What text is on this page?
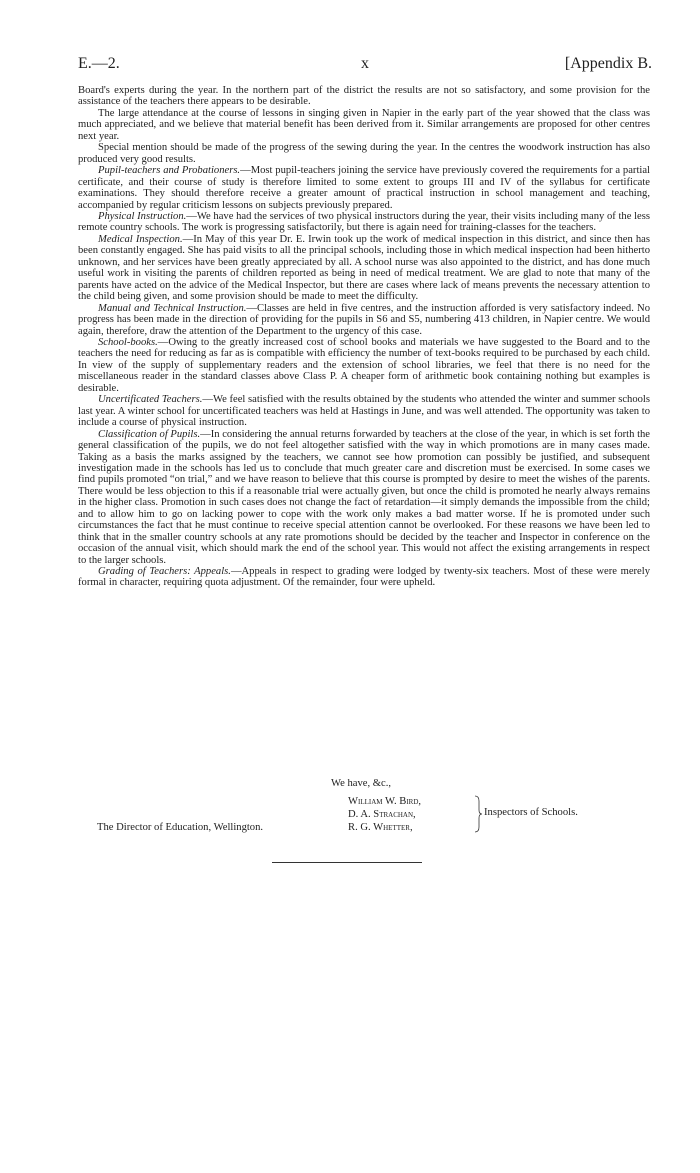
E.—2.	x	[Appendix B.

Board's experts during the year. In the northern part of the district the results are not so satisfactory, and some provision for the assistance of the teachers there appears to be desirable.

The large attendance at the course of lessons in singing given in Napier in the early part of the year showed that the class was much appreciated, and we believe that material benefit has been derived from it. Similar arrangements are proposed for other centres next year.

Special mention should be made of the progress of the sewing during the year. In the centres the woodwork instruction has also produced very good results.

Pupil-teachers and Probationers.—Most pupil-teachers joining the service have previously covered the requirements for a partial certificate, and their course of study is therefore limited to some extent to groups III and IV of the syllabus for certificate examinations. They should therefore receive a greater amount of practical instruction in school management and teaching, accompanied by regular criticism lessons on subjects previously prepared.

Physical Instruction.—We have had the services of two physical instructors during the year, their visits including many of the less remote country schools. The work is progressing satisfactorily, but there is again need for training-classes for the teachers.

Medical Inspection.—In May of this year Dr. E. Irwin took up the work of medical inspection in this district, and since then has been constantly engaged. She has paid visits to all the principal schools, including those in which medical inspection had been hitherto unknown, and her services have been greatly appreciated by all. A school nurse was also appointed to the district, and has done much useful work in visiting the parents of children reported as being in need of medical treatment. We are glad to note that many of the parents have acted on the advice of the Medical Inspector, but there are cases where lack of means prevents the necessary attention to the child being given, and some provision should be made to meet the difficulty.

Manual and Technical Instruction.—Classes are held in five centres, and the instruction afforded is very satisfactory indeed. No progress has been made in the direction of providing for the pupils in S6 and S5, numbering 413 children, in Napier centre. We would again, therefore, draw the attention of the Department to the urgency of this case.

School-books.—Owing to the greatly increased cost of school books and materials we have suggested to the Board and to the teachers the need for reducing as far as is compatible with efficiency the number of text-books required to be purchased by each child. In view of the supply of supplementary readers and the extension of school libraries, we feel that there is no need for the miscellaneous reader in the standard classes above Class P. A cheaper form of arithmetic book containing nothing but examples is desirable.

Uncertificated Teachers.—We feel satisfied with the results obtained by the students who attended the winter and summer schools last year. A winter school for uncertificated teachers was held at Hastings in June, and was well attended. The opportunity was taken to include a course of physical instruction.

Classification of Pupils.—In considering the annual returns forwarded by teachers at the close of the year, in which is set forth the general classification of the pupils, we do not feel altogether satisfied with the way in which promotions are in many cases made. Taking as a basis the marks assigned by the teachers, we cannot see how promotion can possibly be justified, and subsequent investigation made in the schools has led us to conclude that much greater care and discretion must be exercised. In some cases we find pupils promoted “on trial,” and we have reason to believe that this course is prompted by desire to meet the wishes of the parents. There would be less objection to this if a reasonable trial were actually given, but once the child is promoted he nearly always remains in the higher class. Promotion in such cases does not change the fact of retardation—it simply demands the impossible from the child; and to allow him to go on lacking power to cope with the work only makes a bad matter worse. If he is promoted under such circumstances the fact that he must continue to receive special attention cannot be overlooked. For these reasons we have been led to think that in the smaller country schools at any rate promotions should be decided by the teacher and Inspector in conference on the occasion of the annual visit, which should mark the end of the school year. This would not affect the existing arrangements in respect to the larger schools.

Grading of Teachers: Appeals.—Appeals in respect to grading were lodged by twenty-six teachers. Most of these were merely formal in character, requiring quota adjustment. Of the remainder, four were upheld.

We have, &c.,
William W. Bird,
D. A. Strachan,
R. G. Whetter,
Inspectors of Schools.
The Director of Education, Wellington.
